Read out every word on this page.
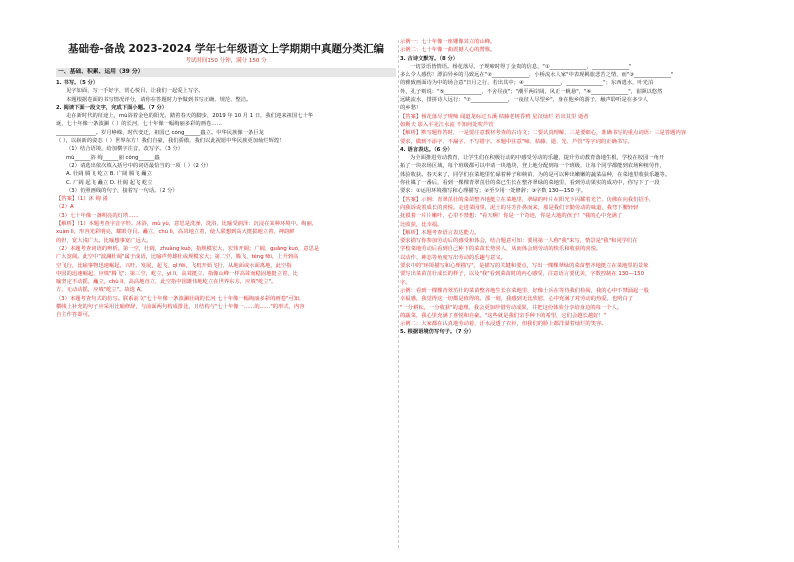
基础卷-备战 2023-2024 学年七年级语文上学期期中真题分类汇编
考试时间150 分钟，满分 150 分
一、基础、积累、运用（39 分）
1. 书写。（5 分）
见字如面，写一手好字，赏心悦目，让我们一起爱上写字。
本题根据卷面的书写情况评分，请你在答题时力争做到书写正确、规范、整洁。
2. 阅读下面一段文字，完成下面小题。（7 分）
走在新时代的征途上，mù浴着金色的阳光，踏着春天的脚步，2019 年 10 月 1 日，我们迎来祖国七十华
诞，七十年像一条波澜（ ）的长河，七十年像一幅绚丽多彩的画卷……
_______________。岁月峥嵘，时代变迁，祖国已 cóng______蟲立。中华民族像一条巨龙
（ ），以崭新的姿态（ ）世界东方！我们自豪，我们骄傲，我们以此祝愿中华民族更加灿烂辉煌！
（1）结合语境，给加横字注音，改写字。（3 分）
mù______浴 绚______丽 cóng______蟲
（2）请选出依次填入括号中的词语最恰当的一项（ ）（2 分）
A. 壮阔 腾飞 屹立 B. 广阔 腾飞 矗立
C. 广阔 起飞 矗立 D. 壮阔 起飞 屹立
（3）仿照画线的句子，接着写一句话。（2 分）
【答案】（1）沐 绚 淆
（2）A
（3）七十年像一盏明亮的灯塔……
【解析】（1）本题考查字音字形。沐浴，mù yù，意思是洗澡，洗浴，比喻受润泽：沉浸在某种环境中。绚丽，
xuàn lì，形容光彩明亮，耀眼夺目。矗立，chù lì，高耸地立着，使人联想到高大挺拔地立着，神韵鲜
的世，宽大浅广大。比喻想事宽广远大。
（2）本题考查词语的辨析。第一空，壮阔，zhuàng kuò，指规模宏大，宏伟开阔；广阔，guǎng kuò，意思是
广大宽阔。此空中"波澜壮阔"属于成语，比喻声势雄壮或规模宏大；第二空，腾飞，téng fēi，上升到高
空飞行，比喻事物迅速崛起，兴旺、发展，起飞，qǐ fēi，飞机开始飞行，从地面或水面离地，此空指
中国的迅速崛起，应填"腾飞"；第三空，屹立，yì lì，高耸挺立，指像山峰一样高耸而稳固地挺立着，比
喻坚定不动摇，矗立，chù lì，高高地直立，此空指中国雄伟地屹立在世界东方，应填"屹立"。
方，无动动摇，应填"屹立"。故选 A。
（3）本题考查句式的仿写。联系前文"七十年像一条波澜壮阔的长河 七十年像一幅绚丽多彩的画卷"可知，
横线上补充的句子应采用比喻修辞，与前面两句构成排比，且结构与"七十年像一……的……"的形式，内容
自主作答即可。
示例一：七十年像一座雕像耸立的山峰。
示例二：七十年像一曲震撼人心的赞歌。
3. 古诗文默写。（8 分）
一切景语皆情语。杨花落尽，子规啼时得丁金贵的信息，"①______________，______________"
多么令人感伤！漂泊异乡的马致远在"②______________，小桥流水人家"中表现羁旅悲苦之情，而"③______________"
的雅致画面诗为中的场合意"日月之行，若出其中；④______________，______________"；东西逃水，叶光泊
外，孔子则说："⑤______________，不舍昼夜"；"潮平两岸阔，风正一帆悬"，"⑥______________"，崔颢以悠然
远眺流水，排拼诗人远行："⑦______________，一夜征人尽望乡"，身在他乡的游子，触声聆听是在多少人
的乡愁！
【答案】杨花落尽子规啼 闻道龙标过五溪 枯藤老树昏鸦 星汉灿烂 若出其里 逝者
如斯夫 影入平羌江水流 不知何处吹芦管
【解析】默写题作答时，一是要注意教材考查的古诗文；二要认真理解，三是要细心，准确书写的重点词语：三是答题内容
要求，做到不添字、不漏字、不写错字。本题中注意"啼、枯藤、逝、光、芦管"等字词的正确书写。
4. 语言表达。（6 分）
为全面推进劳动教育，让学生们在积极行动的中感受劳动的乐趣，提升劳动教育落地生根，学校在校园一角开
拓了一块农场区域，每个班级都可以申请一块地块，登上地分配到每一个班级，让每个同学都能到农场种植劳作，
体验收获。春天来了，同学们在菜地里忙碌着种子和秧苗，为的是可以种出嫩嫩的蔬菜品种，在菜地里收获乐趣等。
你社媒了一番后，看到一棵棵青翠茁壮的菜已生长在整齐翠绿的菜地里，看到劳动果实的成功中，你写下了一段
要求：①运用环境描写和心理描写；②至少用一处修辞；③字数 130—150 字。
【答案】示例：青翠茁壮的菜苗整齐地挺立在菜地里，翠绿的叶片在阳光下闪耀着光芒，仿佛在向我们招手，
向我诉说着成长的喜悦。走进菜园里，泥土的芬芳扑鼻而来，那是我们辛勤劳动的味道，我弯下腰轻轻
抚摸着一片片嫩叶，心里不禁想："看天啊！你是一个奇迹，你是大地的孩子！"我的心中充满了
比收获，比幸福。
【解析】本题考查语言表达能力。
要求描写你参加劳动后的感受和体会，结合题意可知：要用第一人称"我"来写，情景是"我"和同学们在
学校菜地劳动后看到自己种下的菜苗长势喜人，从而体会到劳动的快乐和收获的喜悦。
以动作、神态等角度写出劳动的乐趣与意义。
要求中的"环境描写和心理描写"，是描写的关键和要点，写出一棵棵翠绿的菜苗整齐地挺立在菜地里的景象
要写出菜苗茁壮成长的样子，以及"我"看到菜苗时的内心感受，注意语言要优美，字数控制在 130—150
字。
示例：看到一棵棵青翠茁壮的菜苗整齐地生长在菜地里，好像士兵在等待我们检阅，我的心中不禁涌起一股
幸福感，我觉得这一切都是值得的。那一刻，我感到无比欣慰，心中充满了对劳动的热爱，也明白了
"一分耕耘，一分收获"的道理。我会更加珍惜劳动成果，并把这份体验分享给身边的每一个人。
的蔬菜，我心里充满了喜悦和自豪。"这些就是我们亲手种下的希望，它们会越长越好！"
示例二：大家都在认真地劳动着，汗水浸透了衣衫，但我们的脸上都洋溢着灿烂的笑容。
5. 根据语境仿写句子。（7 分）
